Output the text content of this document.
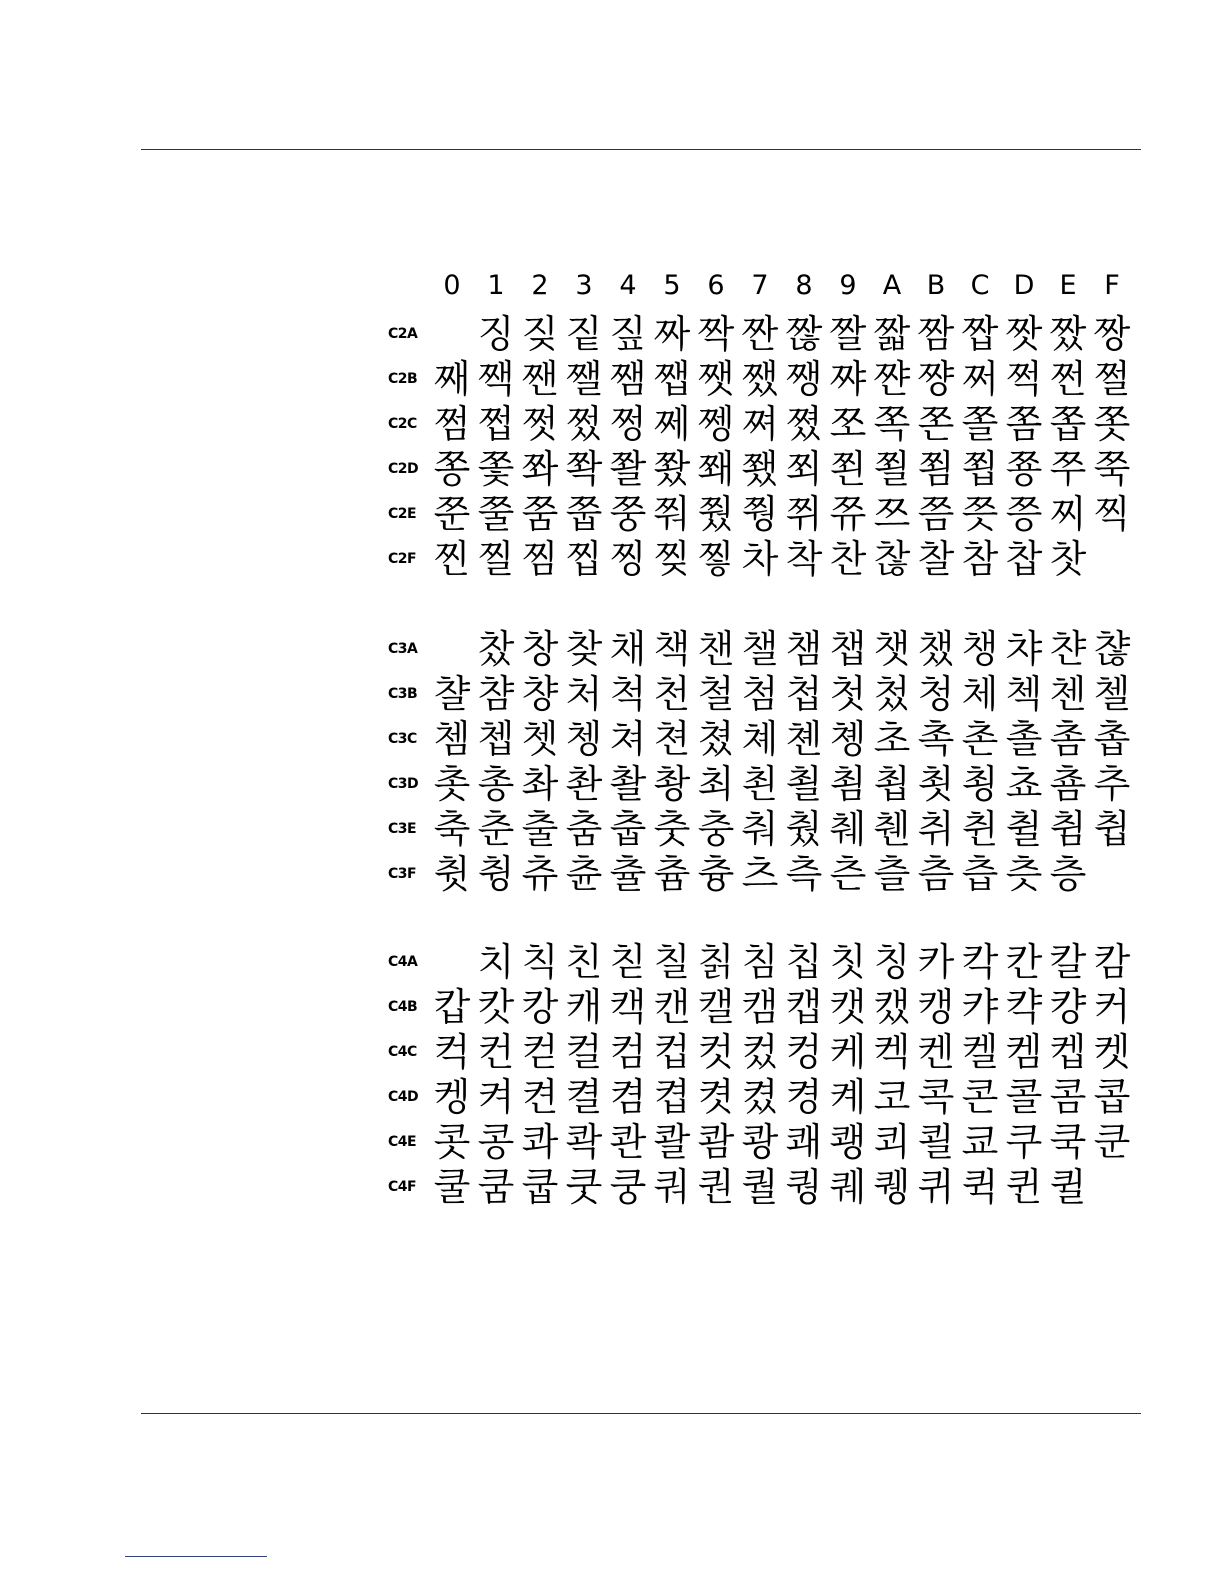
0 1 2 3 4 5 6 7 8 9 A B C D E	F
C2A 징 짖 짙 짚 짜 짝 짠 짢 짤 짧 짬 짭 짯 짰 짱
C2B 째 짹 짼 쨀 쨈 쨉 쨋 쨌 쨍 쨔 쨘 쨩 쩌 쩍 쩐 쩔
C2C 쩜 쩝 쩟 쩠 쩡 쩨 쩽 쪄 쪘 쪼 쪽 쫀 쫄 쫌 쫍 쫏
C2D 쫑 쫓 쫘 쫙 쫠 쫬 쫴 쬈 쬐 쬔 쬘 쬠 쬡 쭁 쭈 쭉
C2E 쭌 쭐 쭘 쭙 쭝 쭤 쭸 쭹 쮜 쮸 쯔 쯤 쯧 쯩 찌 찍
C2F 찐 찔 찜 찝 찡 찢 찧 차 착 찬 찮 찰 참 찹 찻
C3A 찼 창 찾 채 책 챈 챌 챔 챕 챗 챘 챙 챠 챤 챦
C3B 챨 챰 챵 처 척 천 철 첨 첩 첫 첬 청 체 첵 첸 첼
C3C 쳄 쳅 쳇 쳉 쳐 쳔 쳤 쳬 쳰 촁 초 촉 촌 촐 촘 촙
C3D 촛 총 촤 촨 촬 촹 최 쵠 쵤 쵬 쵭 쵯 쵱 쵸 춈 추
C3E 축 춘 출 춤 춥 춧 충 춰 췄 췌 췐 취 췬 췰 췸 췹
C3F 췻 췽 츄 츈 츌 츔 츙 츠 측 츤 츨 츰 츱 츳 층
C4A 치 칙 친 칟 칠 칡 침 칩 칫 칭 카 칵 칸 칼 캄
C4B 캅 캇 캉 캐 캑 캔 캘 캠 캡 캣 캤 캥 캬 캭 컁 커
C4C 컥 컨 컫 컬 컴 컵 컷 컸 컹 케 켁 켄 켈 켐 켑 켓
C4D 켕 켜 켠 켤 켬 켭 켯 켰 켱 켸 코 콕 콘 콜 콤 콥
C4E 콧 콩 콰 콱 콴 콸 쾀 쾅 쾌 쾡 쾨 쾰 쿄 쿠 쿡 쿤
C4F 쿨 쿰 쿱 쿳 쿵 쿼 퀀 퀄 퀑 퀘 퀭 퀴 퀵 퀸 퀼
